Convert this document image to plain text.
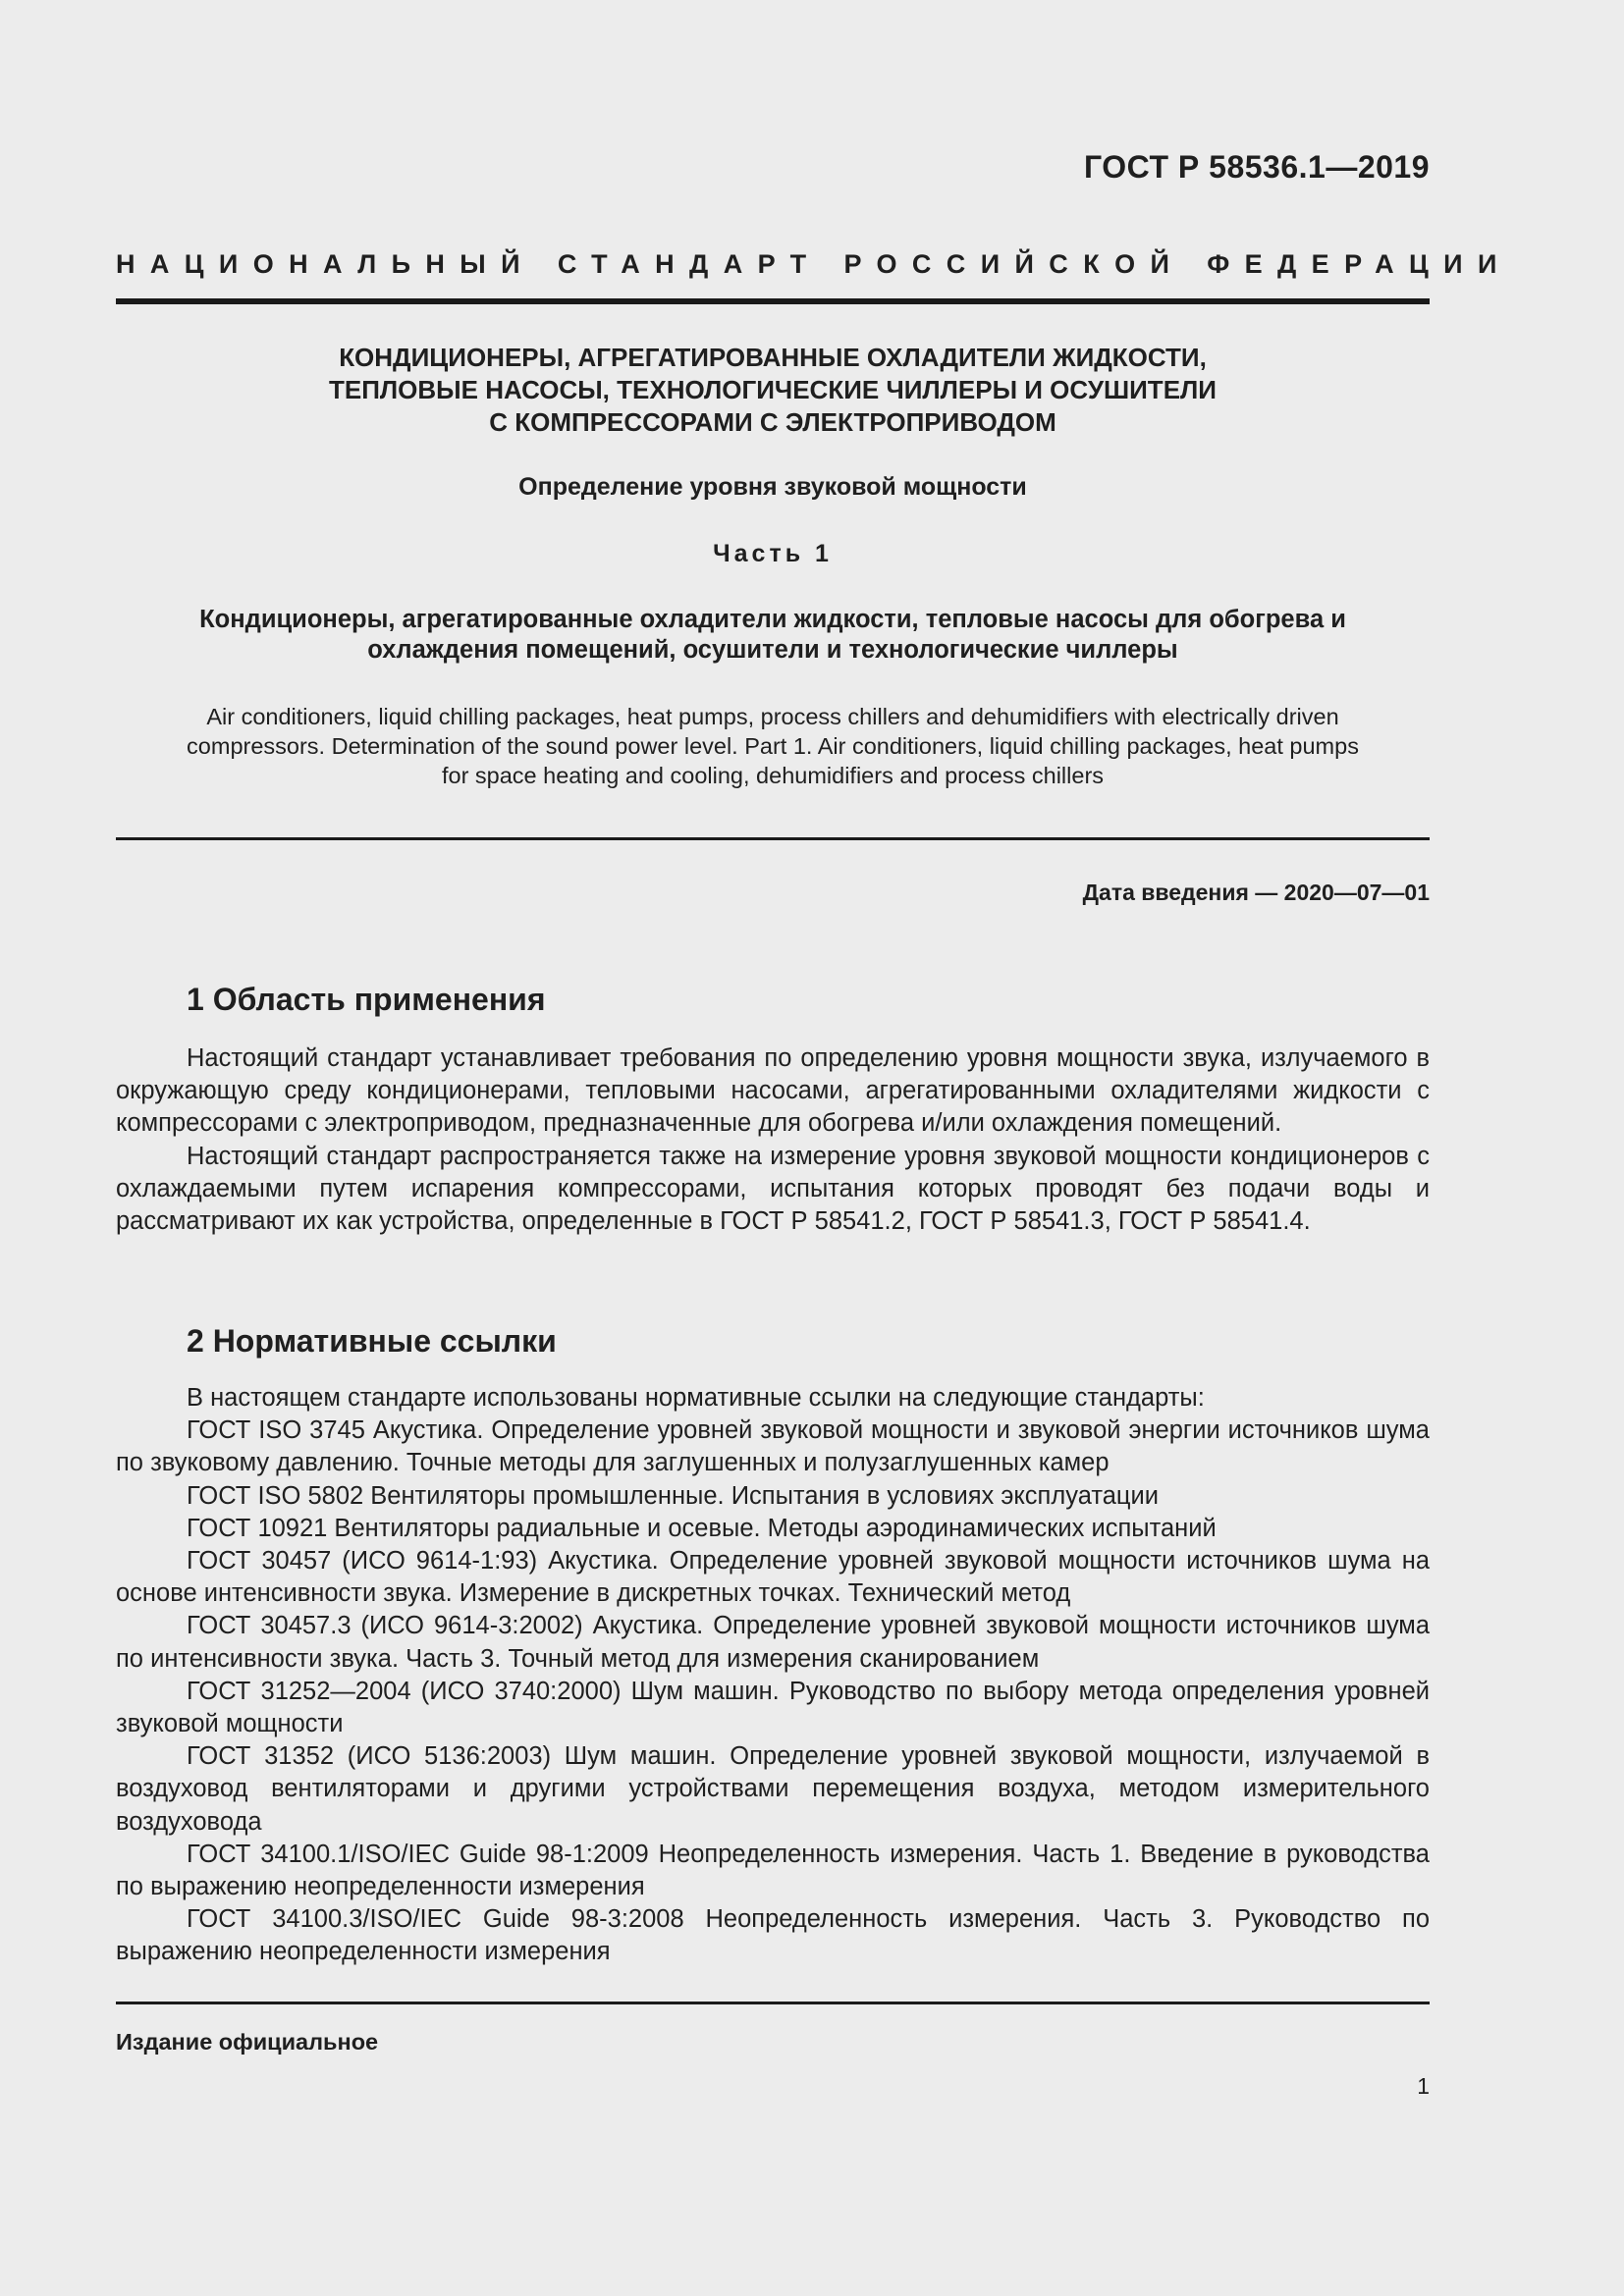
ГОСТ Р 58536.1—2019
НАЦИОНАЛЬНЫЙ СТАНДАРТ РОССИЙСКОЙ ФЕДЕРАЦИИ
КОНДИЦИОНЕРЫ, АГРЕГАТИРОВАННЫЕ ОХЛАДИТЕЛИ ЖИДКОСТИ,
ТЕПЛОВЫЕ НАСОСЫ, ТЕХНОЛОГИЧЕСКИЕ ЧИЛЛЕРЫ И ОСУШИТЕЛИ
С КОМПРЕССОРАМИ С ЭЛЕКТРОПРИВОДОМ
Определение уровня звуковой мощности
Часть 1
Кондиционеры, агрегатированные охладители жидкости, тепловые насосы для обогрева и
охлаждения помещений, осушители и технологические чиллеры
Air conditioners, liquid chilling packages, heat pumps, process chillers and dehumidifiers with electrically driven
compressors. Determination of the sound power level. Part 1. Air conditioners, liquid chilling packages, heat pumps
for space heating and cooling, dehumidifiers and process chillers
Дата введения — 2020—07—01
1 Область применения

Настоящий стандарт устанавливает требования по определению уровня мощности звука, излучаемого в окружающую среду кондиционерами, тепловыми насосами, агрегатированными охладителями жидкости с компрессорами с электроприводом, предназначенные для обогрева и/или охлаждения помещений.

Настоящий стандарт распространяется также на измерение уровня звуковой мощности кондиционеров с охлаждаемыми путем испарения компрессорами, испытания которых проводят без подачи воды и рассматривают их как устройства, определенные в ГОСТ Р 58541.2, ГОСТ Р 58541.3, ГОСТ Р 58541.4.

2 Нормативные ссылки

В настоящем стандарте использованы нормативные ссылки на следующие стандарты:

ГОСТ ISO 3745 Акустика. Определение уровней звуковой мощности и звуковой энергии источников шума по звуковому давлению. Точные методы для заглушенных и полузаглушенных камер

ГОСТ ISO 5802 Вентиляторы промышленные. Испытания в условиях эксплуатации

ГОСТ 10921 Вентиляторы радиальные и осевые. Методы аэродинамических испытаний

ГОСТ 30457 (ИСО 9614-1:93) Акустика. Определение уровней звуковой мощности источников шума на основе интенсивности звука. Измерение в дискретных точках. Технический метод

ГОСТ 30457.3 (ИСО 9614-3:2002) Акустика. Определение уровней звуковой мощности источников шума по интенсивности звука. Часть 3. Точный метод для измерения сканированием

ГОСТ 31252—2004 (ИСО 3740:2000) Шум машин. Руководство по выбору метода определения уровней звуковой мощности

ГОСТ 31352 (ИСО 5136:2003) Шум машин. Определение уровней звуковой мощности, излучаемой в воздуховод вентиляторами и другими устройствами перемещения воздуха, методом измерительного воздуховода

ГОСТ 34100.1/ISO/IEC Guide 98-1:2009 Неопределенность измерения. Часть 1. Введение в руководства по выражению неопределенности измерения

ГОСТ 34100.3/ISO/IEC Guide 98-3:2008 Неопределенность измерения. Часть 3. Руководство по выражению неопределенности измерения

Издание официальное
1
